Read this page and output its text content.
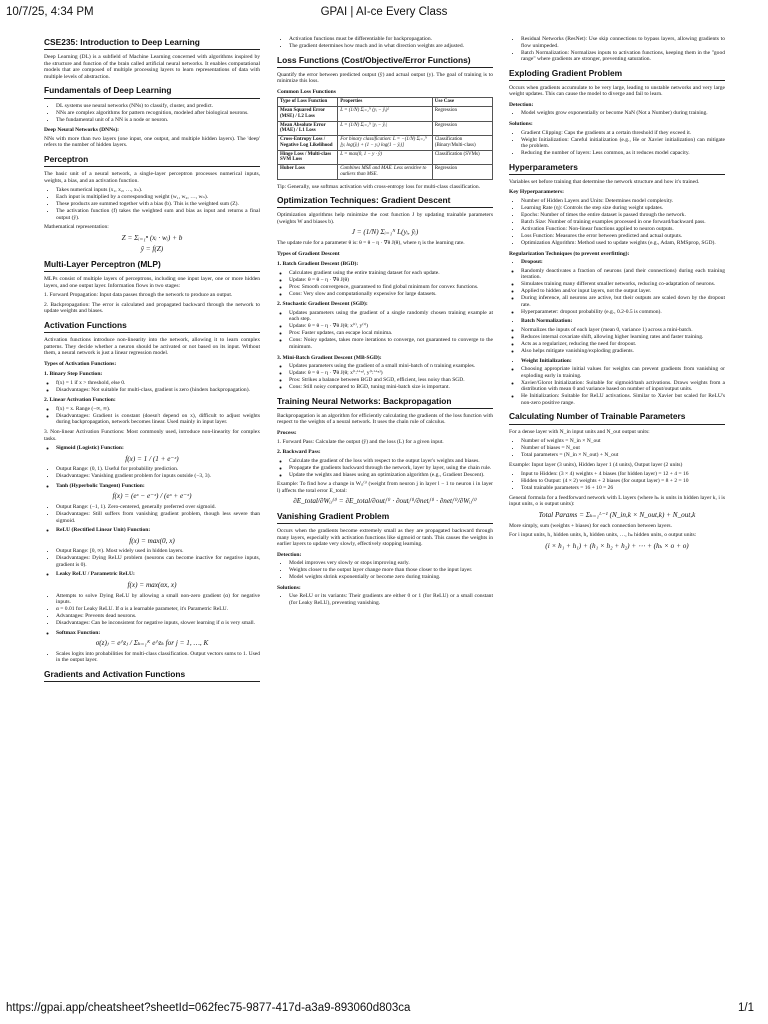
10/7/25, 4:34 PM	GPAI | AI-ce Every Class
CSE235: Introduction to Deep Learning

Deep Learning (DL) is a subfield of Machine Learning concerned with algorithms inspired by the structure and function of the brain called artificial neural networks. It enables computational models that are composed of multiple processing layers to learn representations of data with multiple levels of abstraction.

Fundamentals of Deep Learning
• DL systems use neural networks (NNs) to classify, cluster, and predict.
• NNs are complex algorithms for pattern recognition, modeled after biological neurons.
• The fundamental unit of a NN is a node or neuron.
Deep Neural Networks (DNNs):

NNs with more than two layers (one input, one output, and multiple hidden layers). The 'deep' refers to the number of hidden layers.

Perceptron

The basic unit of a neural network, a single-layer perceptron processes numerical inputs, weights, a bias, and an activation function.

• Takes numerical inputs (x₁, x₂, …, xₙ).
• Each input is multiplied by a corresponding weight (w₁, w₂, …, wₙ).
• These products are summed together with a bias (b). This is the weighted sum (Z).
• The activation function (f) takes the weighted sum and bias as input and returns a final output (ŷ).

Mathematical representation:

Z = Σᵢ₌₁ⁿ (xᵢ · wᵢ) + b
ŷ = f(Z)
Multi-Layer Perceptron (MLP)

MLPs consist of multiple layers of perceptrons, including one input layer, one or more hidden layers, and one output layer. Information flows in two stages:

1. Forward Propagation: Input data passes through the network to produce an output.

2. Backpropagation: The error is calculated and propagated backward through the network to update weights and biases.

Activation Functions

Activation functions introduce non-linearity into the network, allowing it to learn complex patterns. They decide whether a neuron should be activated or not based on its input. Without them, a neural network is just a linear regression model.

Types of Activation Functions:
1. Binary Step Function:
◦ f(x) = 1 if x > threshold, else 0.
◦ Disadvantages: Not suitable for multi-class, gradient is zero (hinders backpropagation).
2. Linear Activation Function:
◦ f(x) = x. Range (−∞, ∞).
◦ Disadvantages: Gradient is constant (doesn't depend on x), difficult to adjust weights during backpropagation, network becomes linear. Used mainly in input layer.

3. Non-linear Activation Functions: Most commonly used, introduce non-linearity for complex tasks.

◦ Sigmoid (Logistic) Function:
f(x) = 1 / (1 + e⁻ˣ)
• Output Range: (0, 1). Useful for probability prediction.
• Disadvantages: Vanishing gradient problem for inputs outside (−3, 3).
◦ Tanh (Hyperbolic Tangent) Function:
f(x) = (eˣ − e⁻ˣ) / (eˣ + e⁻ˣ)
• Output Range: (−1, 1). Zero-centered, generally preferred over sigmoid.
• Disadvantages: Still suffers from vanishing gradient problem, though less severe than sigmoid.
◦ ReLU (Rectified Linear Unit) Function:
f(x) = max(0, x)
• Output Range: [0, ∞). Most widely used in hidden layers.
• Disadvantages: Dying ReLU problem (neurons can become inactive for negative inputs, gradient is 0).
◦ Leaky ReLU / Parametric ReLU:
f(x) = max(αx, x)
• Attempts to solve Dying ReLU by allowing a small non-zero gradient (α) for negative inputs.
• α = 0.01 for Leaky ReLU. If α is a learnable parameter, it's Parametric ReLU.
• Advantages: Prevents dead neurons.
• Disadvantages: Can be inconsistent for negative inputs, slower learning if α is very small.
◦ Softmax Function:
σ(z)ⱼ = e^zⱼ / Σₖ₌₁ᴷ e^zₖ for j = 1, …, K
• Scales logits into probabilities for multi-class classification. Output vectors sums to 1. Used in the output layer.
Gradients and Activation Functions
• Activation functions must be differentiable for backpropagation.
• The gradient determines how much and in what direction weights are adjusted.
Loss Functions (Cost/Objective/Error Functions)

Quantify the error between predicted output (ŷ) and actual output (y). The goal of training is to minimize this loss.

Common Loss Functions
Type of Loss Function	Properties	Use Case
Mean Squared Error (MSE) / L2 Loss	L = (1/N) Σᵢ₌₁ᴺ (yᵢ − ŷᵢ)²	Regression
Mean Absolute Error (MAE) / L1 Loss	L = (1/N) Σᵢ₌₁ᴺ |yᵢ − ŷᵢ|	Regression
Cross-Entropy Loss / Negative Log Likelihood	For binary classification: L = −(1/N) Σᵢ₌₁ᴺ [yᵢ log(ŷᵢ) + (1 − yᵢ) log(1 − ŷᵢ)]	Classification (Binary/Multi-class)
Hinge Loss / Multi-class SVM Loss	L = max(0, 1 − y · ŷ)	Classification (SVMs)
Huber Loss	Combines MSE and MAE. Less sensitive to outliers than MSE.	Regression

Tip: Generally, use softmax activation with cross-entropy loss for multi-class classification.

Optimization Techniques: Gradient Descent

Optimization algorithms help minimize the cost function J by updating trainable parameters (weights W and biases b).

J = (1/N) Σᵢ₌₁ᴺ L(yᵢ, ŷᵢ)

The update rule for a parameter θ is: θ = θ − η · ∇θ J(θ), where η is the learning rate.

Types of Gradient Descent
1. Batch Gradient Descent (BGD):
◦ Calculates gradient using the entire training dataset for each update.
◦ Update: θ = θ − η · ∇θ J(θ)
◦ Pros: Smooth convergence, guaranteed to find global minimum for convex functions.
◦ Cons: Very slow and computationally expensive for large datasets.
2. Stochastic Gradient Descent (SGD):
◦ Updates parameters using the gradient of a single randomly chosen training example at each step.
◦ Update: θ = θ − η · ∇θ J(θ; x⁽ⁱ⁾, y⁽ⁱ⁾)
◦ Pros: Faster updates, can escape local minima.
◦ Cons: Noisy updates, takes more iterations to converge, not guaranteed to converge to the minimum.
3. Mini-Batch Gradient Descent (MB-SGD):
◦ Updates parameters using the gradient of a small mini-batch of n training examples.
◦ Update: θ = θ − η · ∇θ J(θ; x⁽ⁱ:ⁱ⁺ⁿ⁾, y⁽ⁱ:ⁱ⁺ⁿ⁾)
◦ Pros: Strikes a balance between BGD and SGD, efficient, less noisy than SGD.
◦ Cons: Still noisy compared to BGD, tuning mini-batch size is important.
Training Neural Networks: Backpropagation

Backpropagation is an algorithm for efficiently calculating the gradients of the loss function with respect to the weights of a neural network. It uses the chain rule of calculus.

Process:

1. Forward Pass: Calculate the output (ŷ) and the loss (L) for a given input.

2. Backward Pass:
◦ Calculate the gradient of the loss with respect to the output layer's weights and biases.
◦ Propagate the gradients backward through the network, layer by layer, using the chain rule.
◦ Update the weights and biases using an optimization algorithm (e.g., Gradient Descent).

Example: To find how a change in Wᵢⱼ⁽ˡ⁾ (weight from neuron j in layer l − 1 to neuron i in layer l) affects the total error E_total:

∂E_total/∂Wᵢⱼ⁽ˡ⁾ = ∂E_total/∂outᵢ⁽ˡ⁾ · ∂outᵢ⁽ˡ⁾/∂netᵢ⁽ˡ⁾ · ∂netᵢ⁽ˡ⁾/∂Wᵢⱼ⁽ˡ⁾
Vanishing Gradient Problem

Occurs when the gradients become extremely small as they are propagated backward through many layers, especially with activation functions like sigmoid or tanh. This causes the weights in earlier layers to update very slowly, effectively stopping learning.

Detection:
• Model improves very slowly or stops improving early.
• Weights closer to the output layer change more than those closer to the input layer.
• Model weights shrink exponentially or become zero during training.
Solutions:
• Use ReLU or its variants: Their gradients are either 0 or 1 (for ReLU) or a small constant (for Leaky ReLU), preventing vanishing.
• Residual Networks (ResNet): Use skip connections to bypass layers, allowing gradients to flow unimpeded.
• Batch Normalization: Normalizes inputs to activation functions, keeping them in the "good range" where gradients are stronger, preventing saturation.
Exploding Gradient Problem

Occurs when gradients accumulate to be very large, leading to unstable networks and very large weight updates. This can cause the model to diverge and fail to learn.

Detection:
• Model weights grow exponentially or become NaN (Not a Number) during training.
Solutions:
• Gradient Clipping: Caps the gradients at a certain threshold if they exceed it.
• Weight Initialization: Careful initialization (e.g., He or Xavier initialization) can mitigate the problem.
• Reducing the number of layers: Less common, as it reduces model capacity.
Hyperparameters

Variables set before training that determine the network structure and how it's trained.

Key Hyperparameters:
• Number of Hidden Layers and Units: Determines model complexity.
• Learning Rate (η): Controls the step size during weight updates.
• Epochs: Number of times the entire dataset is passed through the network.
• Batch Size: Number of training examples processed in one forward/backward pass.
• Activation Function: Non-linear functions applied to neuron outputs.
• Loss Function: Measures the error between predicted and actual outputs.
• Optimization Algorithm: Method used to update weights (e.g., Adam, RMSprop, SGD).
Regularization Techniques (to prevent overfitting):
• Dropout:
◦ Randomly deactivates a fraction of neurons (and their connections) during each training iteration.
◦ Simulates training many different smaller networks, reducing co-adaptation of neurons.
◦ Applied to hidden and/or input layers, not the output layer.
◦ During inference, all neurons are active, but their outputs are scaled down by the dropout rate.
◦ Hyperparameter: dropout probability (e.g., 0.2-0.5 is common).
• Batch Normalization:
◦ Normalizes the inputs of each layer (mean 0, variance 1) across a mini-batch.
◦ Reduces internal covariate shift, allowing higher learning rates and faster training.
◦ Acts as a regularizer, reducing the need for dropout.
◦ Also helps mitigate vanishing/exploding gradients.
• Weight Initialization:
◦ Choosing appropriate initial values for weights can prevent gradients from vanishing or exploding early in training.
◦ Xavier/Glorot Initialization: Suitable for sigmoid/tanh activations. Draws weights from a distribution with mean 0 and variance based on number of input/output units.
◦ He Initialization: Suitable for ReLU activations. Similar to Xavier but scaled for ReLU's non-zero positive range.
Calculating Number of Trainable Parameters

For a dense layer with N_in input units and N_out output units:

• Number of weights = N_in × N_out
• Number of biases = N_out
• Total parameters = (N_in × N_out) + N_out

Example: Input layer (3 units), Hidden layer 1 (4 units), Output layer (2 units)

• Input to Hidden: (3 × 4) weights + 4 biases (for hidden layer) = 12 + 4 = 16
• Hidden to Output: (4 × 2) weights + 2 biases (for output layer) = 8 + 2 = 10
• Total trainable parameters = 16 + 10 = 26

General formula for a feedforward network with L layers (where hₖ is units in hidden layer k, i is input units, o is output units):

Total Params = Σₖ₌₁ᴸ⁻¹ (N_in,k × N_out,k) + N_out,k

More simply, sum (weights + biases) for each connection between layers.

For i input units, h₁ hidden units, h₂ hidden units, …, hₖ hidden units, o output units:

(i × h₁ + h₁) + (h₁ × h₂ + h₂) + ⋯ + (hₖ × o + o)
https://gpai.app/cheatsheet?sheetId=062fec75-9877-417d-a3a9-893060d803ca	1/1
